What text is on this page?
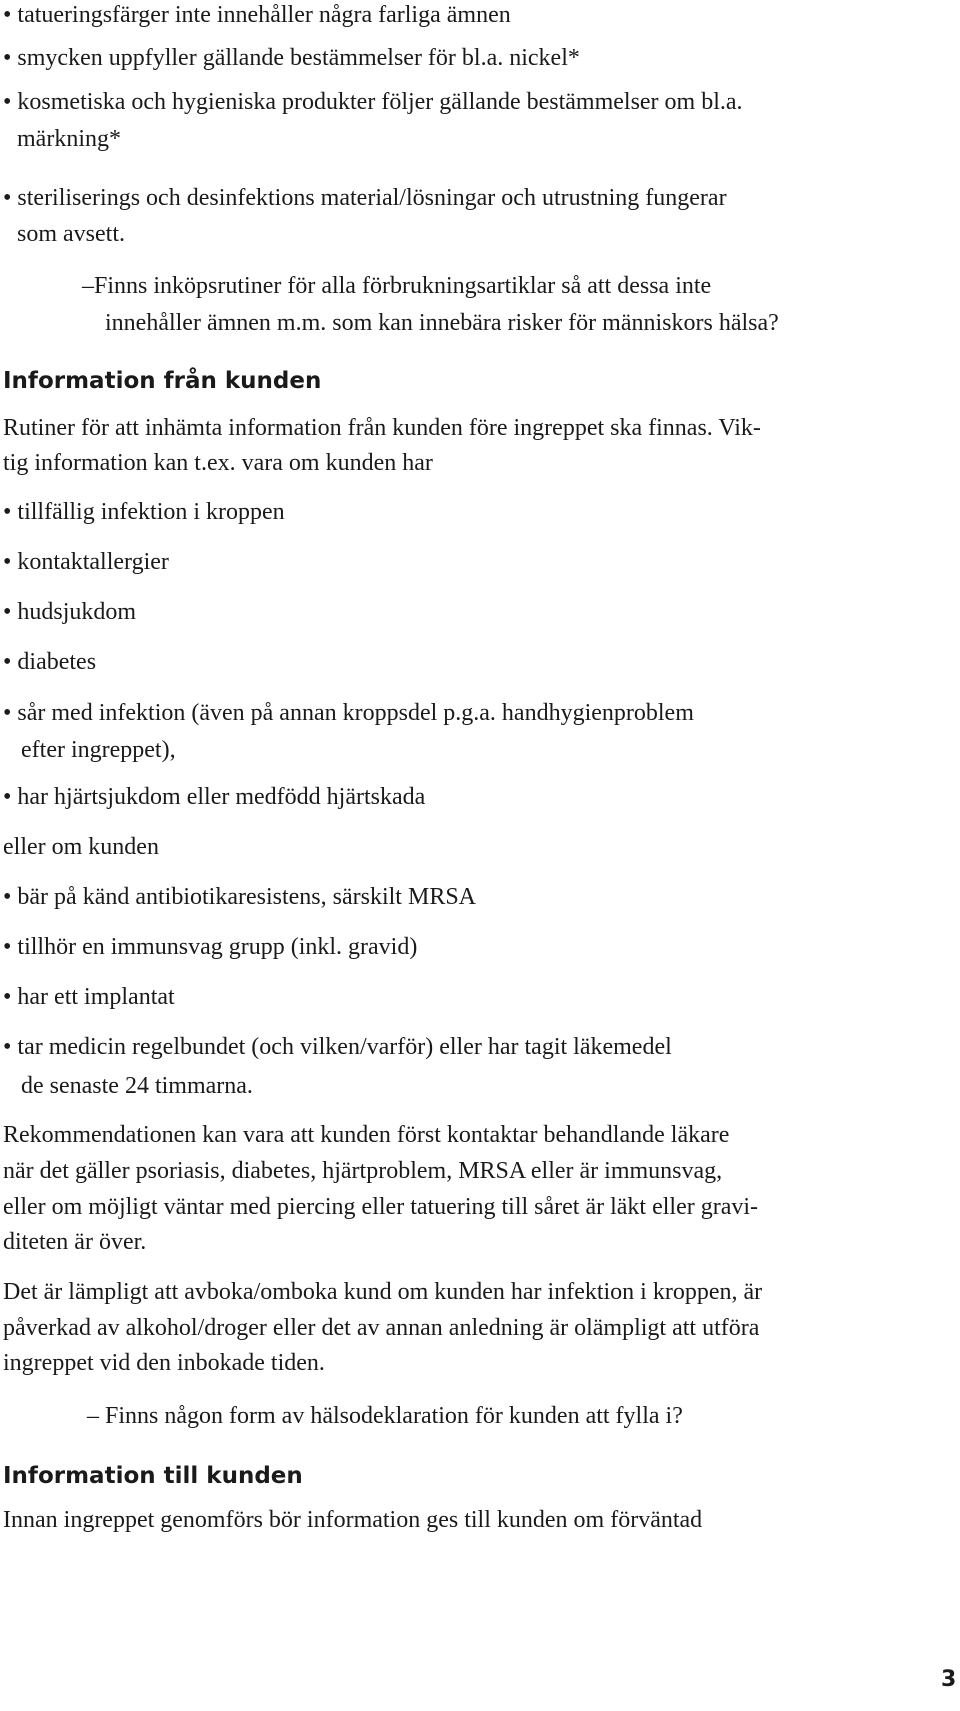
• tatueringsfärger inte innehåller några farliga ämnen

• smycken uppfyller gällande bestämmelser för bl.a. nickel*

• kosmetiska och hygieniska produkter följer gällande bestämmelser om bl.a.

märkning*

• steriliserings och desinfektions material/lösningar och utrustning fungerar

som avsett.

–Finns inköpsrutiner för alla förbrukningsartiklar så att dessa inte

innehåller ämnen m.m. som kan innebära risker för människors hälsa?

Information från kunden

Rutiner för att inhämta information från kunden före ingreppet ska finnas. Vik-

tig information kan t.ex. vara om kunden har

• tillfällig infektion i kroppen

• kontaktallergier

• hudsjukdom

• diabetes

• sår med infektion (även på annan kroppsdel p.g.a. handhygienproblem

efter ingreppet),

• har hjärtsjukdom eller medfödd hjärtskada

eller om kunden

• bär på känd antibiotikaresistens, särskilt MRSA

• tillhör en immunsvag grupp (inkl. gravid)

• har ett implantat

• tar medicin regelbundet (och vilken/varför) eller har tagit läkemedel

de senaste 24 timmarna.

Rekommendationen kan vara att kunden först kontaktar behandlande läkare

när det gäller psoriasis, diabetes, hjärtproblem, MRSA eller är immunsvag,

eller om möjligt väntar med piercing eller tatuering till såret är läkt eller gravi-

diteten är över.

Det är lämpligt att avboka/omboka kund om kunden har infektion i kroppen, är

påverkad av alkohol/droger eller det av annan anledning är olämpligt att utföra

ingreppet vid den inbokade tiden.

– Finns någon form av hälsodeklaration för kunden att fylla i?

Information till kunden

Innan ingreppet genomförs bör information ges till kunden om förväntad

3
